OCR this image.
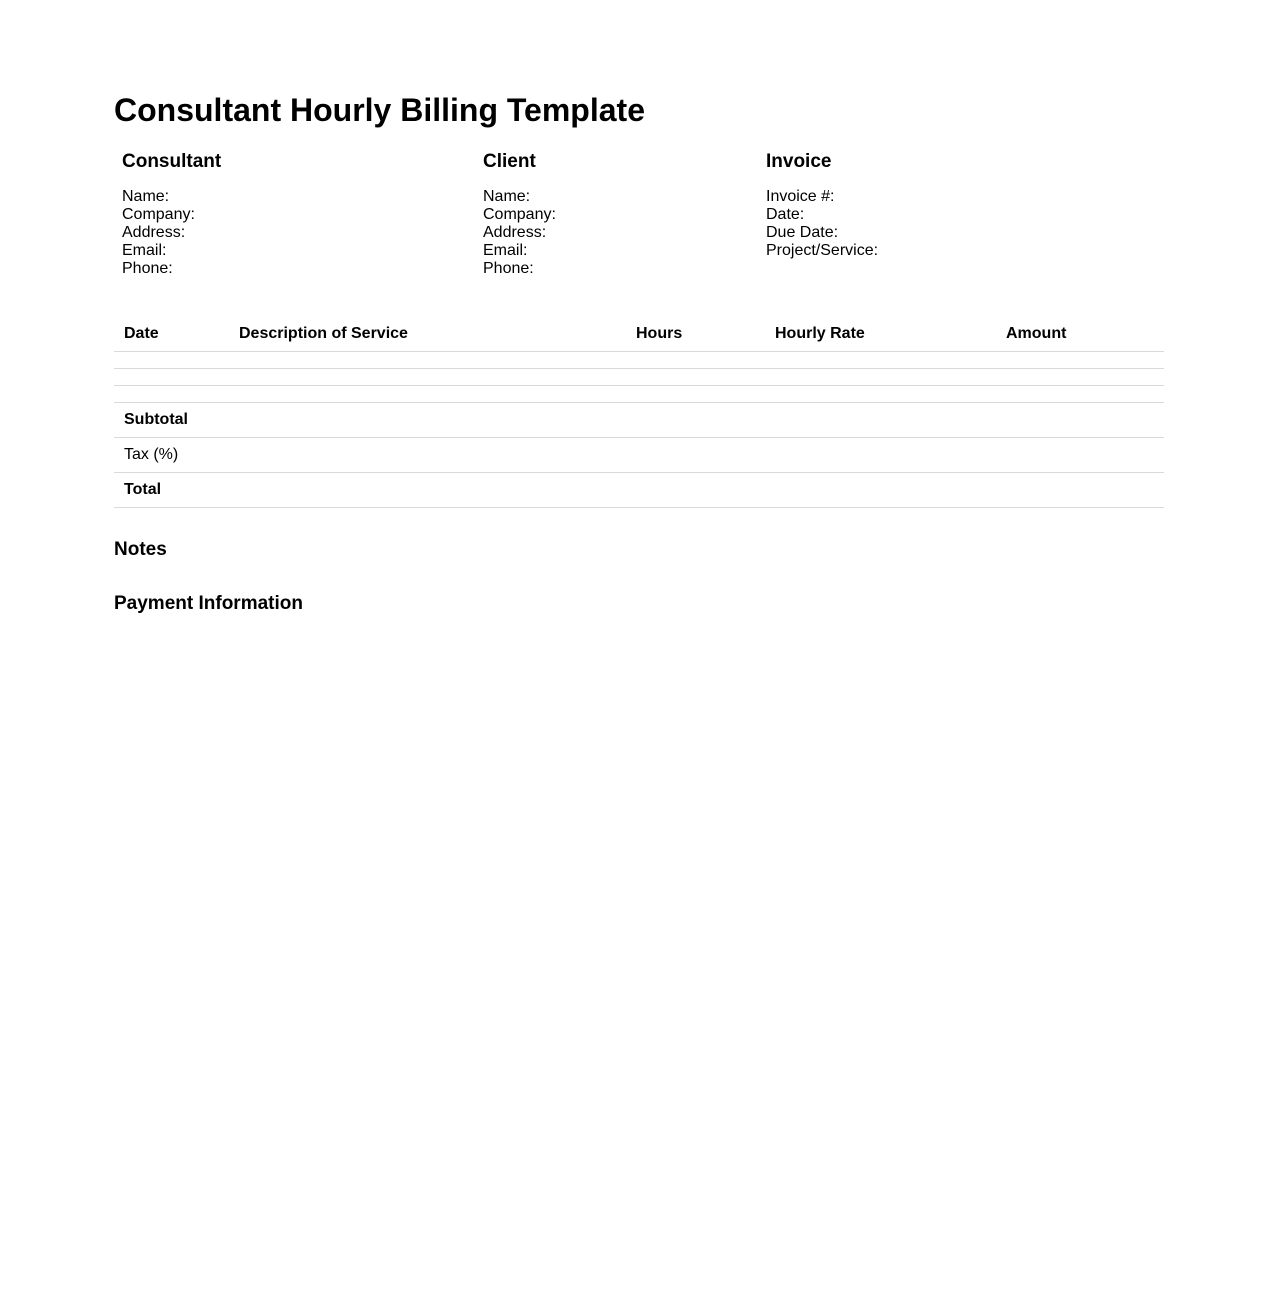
Consultant Hourly Billing Template
Consultant
Name:
Company:
Address:
Email:
Phone:
Client
Name:
Company:
Address:
Email:
Phone:
Invoice
Invoice #:
Date:
Due Date:
Project/Service:
Date	Description of Service	Hours	Hourly Rate	Amount

Subtotal				
Tax (%)				
Total				
Notes
Payment Information
